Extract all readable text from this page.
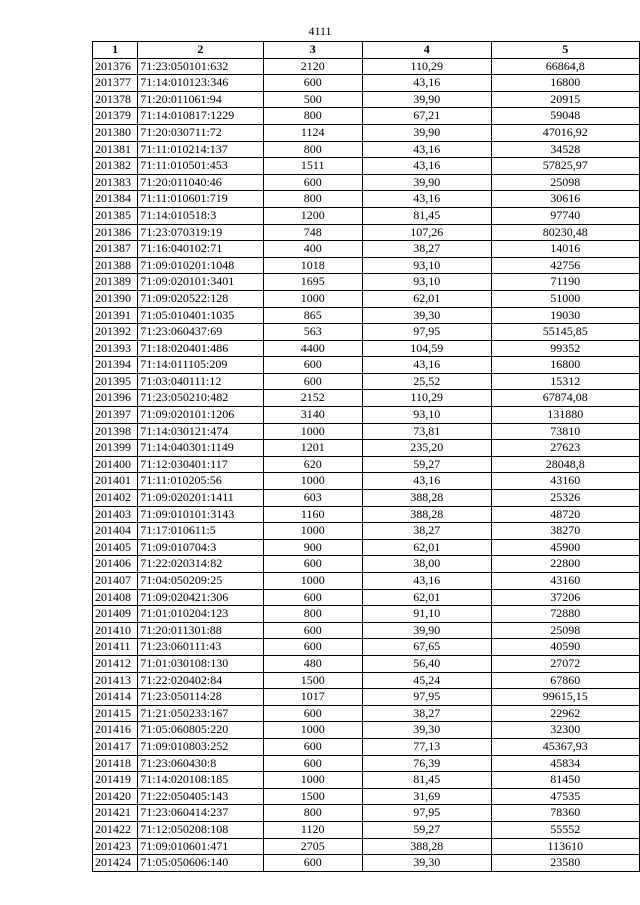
4111
1	2	3	4	5
201376	71:23:050101:632	2120	110,29	66864,8
201377	71:14:010123:346	600	43,16	16800
201378	71:20:011061:94	500	39,90	20915
201379	71:14:010817:1229	800	67,21	59048
201380	71:20:030711:72	1124	39,90	47016,92
201381	71:11:010214:137	800	43,16	34528
201382	71:11:010501:453	1511	43,16	57825,97
201383	71:20:011040:46	600	39,90	25098
201384	71:11:010601:719	800	43,16	30616
201385	71:14:010518:3	1200	81,45	97740
201386	71:23:070319:19	748	107,26	80230,48
201387	71:16:040102:71	400	38,27	14016
201388	71:09:010201:1048	1018	93,10	42756
201389	71:09:020101:3401	1695	93,10	71190
201390	71:09:020522:128	1000	62,01	51000
201391	71:05:010401:1035	865	39,30	19030
201392	71:23:060437:69	563	97,95	55145,85
201393	71:18:020401:486	4400	104,59	99352
201394	71:14:011105:209	600	43,16	16800
201395	71:03:040111:12	600	25,52	15312
201396	71:23:050210:482	2152	110,29	67874,08
201397	71:09:020101:1206	3140	93,10	131880
201398	71:14:030121:474	1000	73,81	73810
201399	71:14:040301:1149	1201	235,20	27623
201400	71:12:030401:117	620	59,27	28048,8
201401	71:11:010205:56	1000	43,16	43160
201402	71:09:020201:1411	603	388,28	25326
201403	71:09:010101:3143	1160	388,28	48720
201404	71:17:010611:5	1000	38,27	38270
201405	71:09:010704:3	900	62,01	45900
201406	71:22:020314:82	600	38,00	22800
201407	71:04:050209:25	1000	43,16	43160
201408	71:09:020421:306	600	62,01	37206
201409	71:01:010204:123	800	91,10	72880
201410	71:20:011301:88	600	39,90	25098
201411	71:23:060111:43	600	67,65	40590
201412	71:01:030108:130	480	56,40	27072
201413	71:22:020402:84	1500	45,24	67860
201414	71:23:050114:28	1017	97,95	99615,15
201415	71:21:050233:167	600	38,27	22962
201416	71:05:060805:220	1000	39,30	32300
201417	71:09:010803:252	600	77,13	45367,93
201418	71:23:060430:8	600	76,39	45834
201419	71:14:020108:185	1000	81,45	81450
201420	71:22:050405:143	1500	31,69	47535
201421	71:23:060414:237	800	97,95	78360
201422	71:12:050208:108	1120	59,27	55552
201423	71:09:010601:471	2705	388,28	113610
201424	71:05:050606:140	600	39,30	23580
